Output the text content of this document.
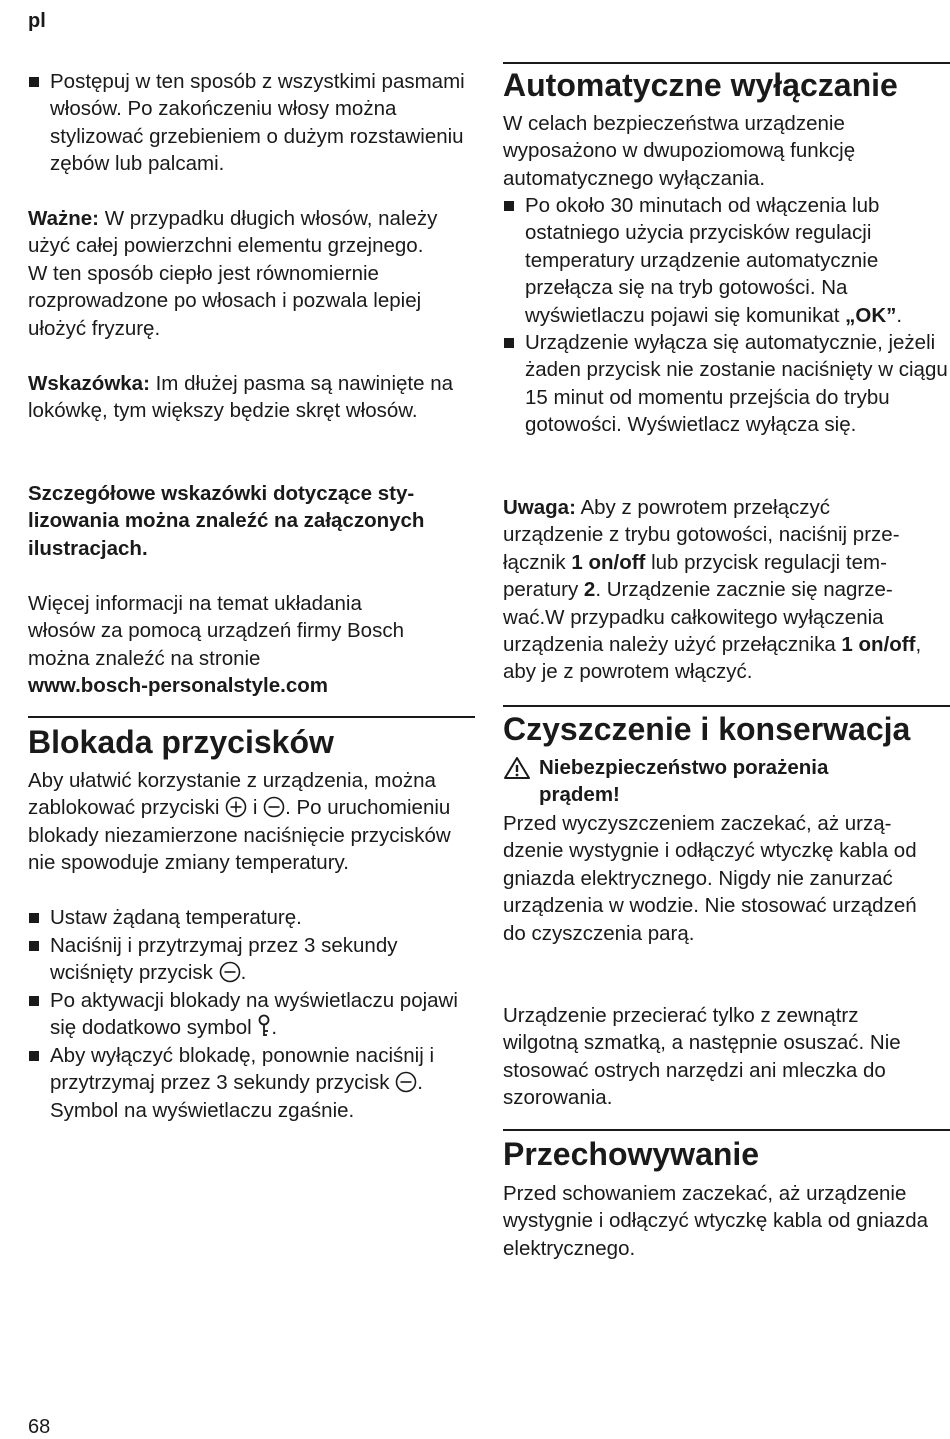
pl
Postępuj w ten sposób z wszystkimi pasmami włosów. Po zakończeniu włosy można stylizować grzebieniem o dużym rozstawieniu zębów lub palcami.
Ważne: W przypadku długich włosów, należy użyć całej powierzchni elementu grzejnego. W ten sposób ciepło jest równomiernie rozprowadzone po włosach i pozwala lepiej ułożyć fryzurę.
Wskazówka: Im dłużej pasma są nawinięte na lokówkę, tym większy będzie skręt włosów.
Szczegółowe wskazówki dotyczące stylizowania można znaleźć na załączonych ilustracjach.
Więcej informacji na temat układania włosów za pomocą urządzeń firmy Bosch można znaleźć na stronie
www.bosch-personalstyle.com
Blokada przycisków
Aby ułatwić korzystanie z urządzenia, można zablokować przyciski i . Po uruchomieniu blokady niezamierzone naciśnięcie przycisków nie spowoduje zmiany temperatury.
Ustaw żądaną temperaturę.
Naciśnij i przytrzymaj przez 3 sekundy wciśnięty przycisk .
Po aktywacji blokady na wyświetlaczu pojawi się dodatkowo symbol .
Aby wyłączyć blokadę, ponownie naciśnij i przytrzymaj przez 3 sekundy przycisk . Symbol na wyświetlaczu zgaśnie.
Automatyczne wyłączanie
W celach bezpieczeństwa urządzenie wyposażono w dwupoziomową funkcję automatycznego wyłączania.
Po około 30 minutach od włączenia lub ostatniego użycia przycisków regulacji temperatury urządzenie automatycznie przełącza się na tryb gotowości. Na wyświetlaczu pojawi się komunikat „OK”.
Urządzenie wyłącza się automatycznie, jeżeli żaden przycisk nie zostanie naciśnięty w ciągu 15 minut od momentu przejścia do trybu gotowości. Wyświetlacz wyłącza się.
Uwaga: Aby z powrotem przełączyć urządzenie z trybu gotowości, naciśnij przełącznik 1 on/off lub przycisk regulacji temperatury 2. Urządzenie zacznie się nagrzewać.W przypadku całkowitego wyłączenia urządzenia należy użyć przełącznika 1 on/off, aby je z powrotem włączyć.
Czyszczenie i konserwacja
Niebezpieczeństwo porażenia prądem!
Przed wyczyszczeniem zaczekać, aż urządzenie wystygnie i odłączyć wtyczkę kabla od gniazda elektrycznego. Nigdy nie zanurzać urządzenia w wodzie. Nie stosować urządzeń do czyszczenia parą.
Urządzenie przecierać tylko z zewnątrz wilgotną szmatką, a następnie osuszać. Nie stosować ostrych narzędzi ani mleczka do szorowania.
Przechowywanie
Przed schowaniem zaczekać, aż urządzenie wystygnie i odłączyć wtyczkę kabla od gniazda elektrycznego.
68
